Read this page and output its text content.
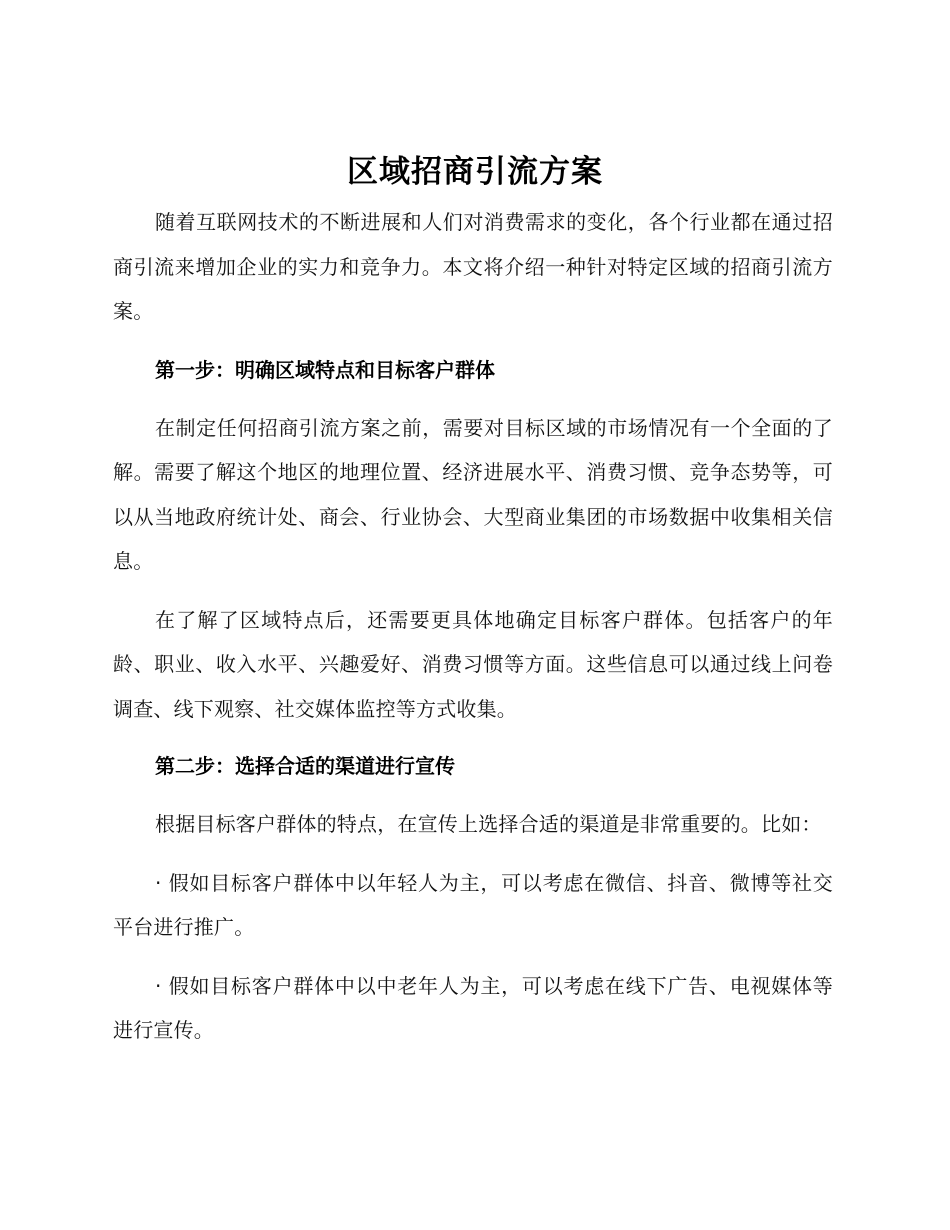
区域招商引流方案

随着互联网技术的不断进展和人们对消费需求的变化，各个行业都在通过招商引流来增加企业的实力和竞争力。本文将介绍一种针对特定区域的招商引流方案。

第一步：明确区域特点和目标客户群体

在制定任何招商引流方案之前，需要对目标区域的市场情况有一个全面的了解。需要了解这个地区的地理位置、经济进展水平、消费习惯、竞争态势等，可以从当地政府统计处、商会、行业协会、大型商业集团的市场数据中收集相关信息。

在了解了区域特点后，还需要更具体地确定目标客户群体。包括客户的年龄、职业、收入水平、兴趣爱好、消费习惯等方面。这些信息可以通过线上问卷调查、线下观察、社交媒体监控等方式收集。

第二步：选择合适的渠道进行宣传

根据目标客户群体的特点，在宣传上选择合适的渠道是非常重要的。比如：

· 假如目标客户群体中以年轻人为主，可以考虑在微信、抖音、微博等社交平台进行推广。

· 假如目标客户群体中以中老年人为主，可以考虑在线下广告、电视媒体等进行宣传。
